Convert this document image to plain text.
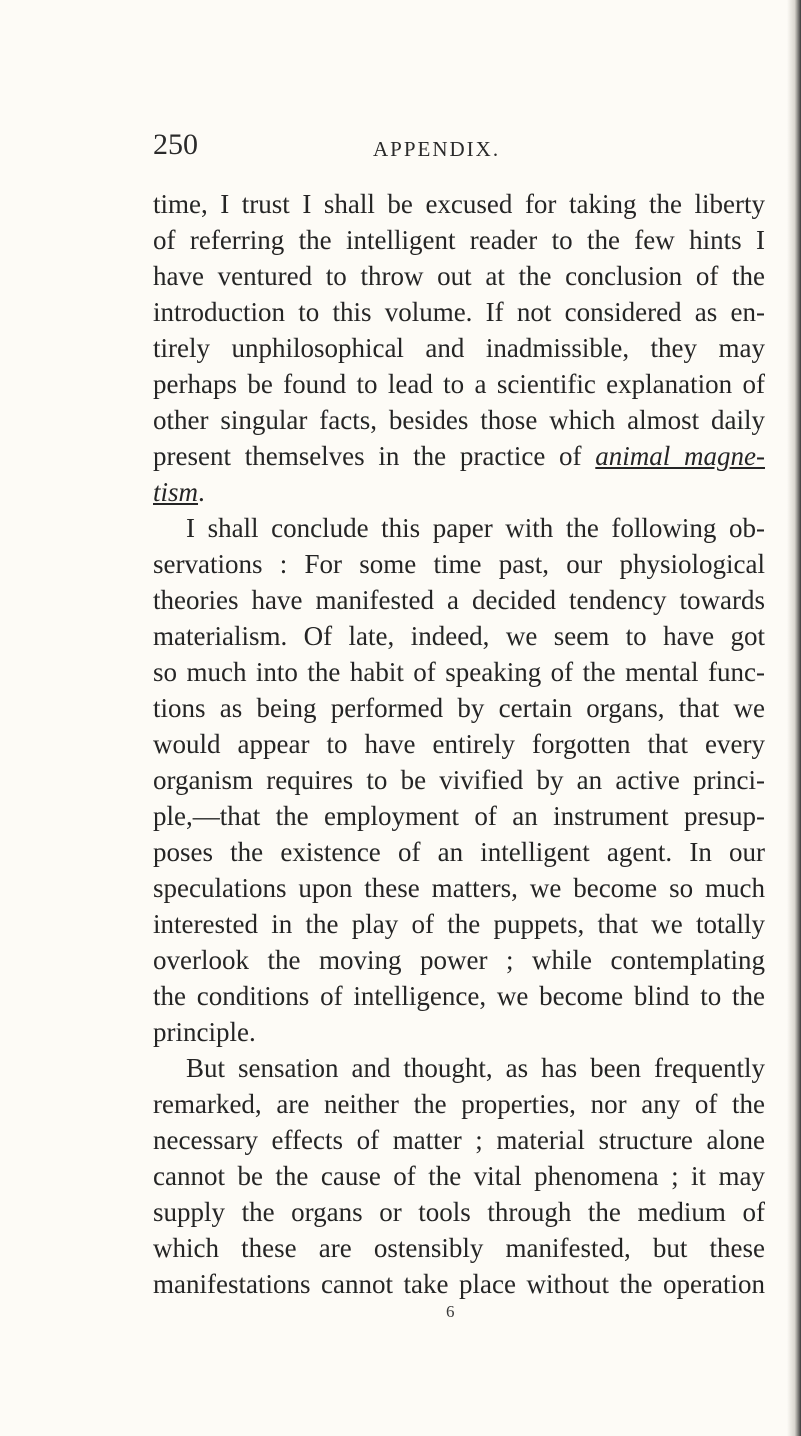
250	APPENDIX.
time, I trust I shall be excused for taking the liberty
of referring the intelligent reader to the few hints I
have ventured to throw out at the conclusion of the
introduction to this volume. If not considered as en-
tirely unphilosophical and inadmissible, they may
perhaps be found to lead to a scientific explanation of
other singular facts, besides those which almost daily
present themselves in the practice of animal magne-
tism.
I shall conclude this paper with the following ob-
servations : For some time past, our physiological
theories have manifested a decided tendency towards
materialism. Of late, indeed, we seem to have got
so much into the habit of speaking of the mental func-
tions as being performed by certain organs, that we
would appear to have entirely forgotten that every
organism requires to be vivified by an active princi-
ple,—that the employment of an instrument presup-
poses the existence of an intelligent agent. In our
speculations upon these matters, we become so much
interested in the play of the puppets, that we totally
overlook the moving power ; while contemplating
the conditions of intelligence, we become blind to the
principle.
But sensation and thought, as has been frequently
remarked, are neither the properties, nor any of the
necessary effects of matter ; material structure alone
cannot be the cause of the vital phenomena ; it may
supply the organs or tools through the medium of
which these are ostensibly manifested, but these
manifestations cannot take place without the operation
6
